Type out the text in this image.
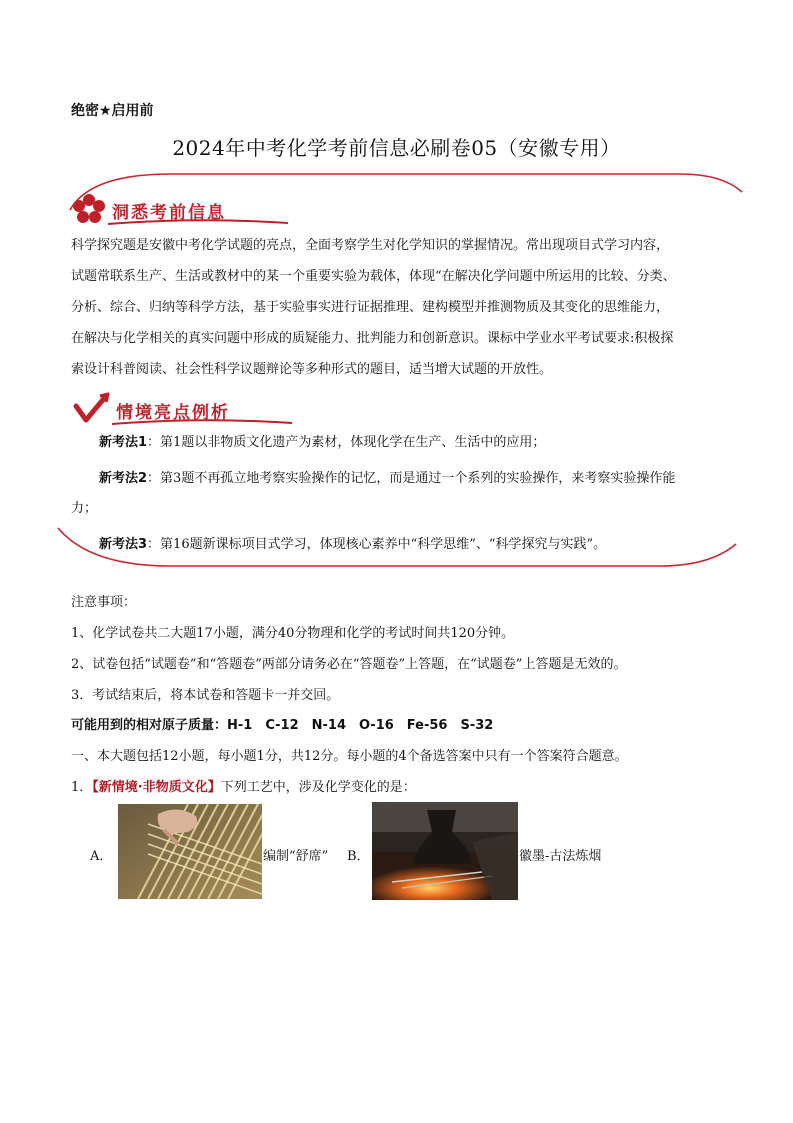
绝密★启用前
2024年中考化学考前信息必刷卷05（安徽专用）
洞悉考前信息
科学探究题是安徽中考化学试题的亮点，全面考察学生对化学知识的掌握情况。常出现项目式学习内容，
试题常联系生产、生活或教材中的某一个重要实验为载体，体现“在解决化学问题中所运用的比较、分类、
分析、综合、归纳等科学方法，基于实验事实进行证据推理、建构模型并推测物质及其变化的思维能力，
在解决与化学相关的真实问题中形成的质疑能力、批判能力和创新意识。课标中学业水平考试要求:积极探
索设计科普阅读、社会性科学议题辩论等多种形式的题目，适当增大试题的开放性。
情境亮点例析
新考法1：第1题以非物质文化遗产为素材，体现化学在生产、生活中的应用；
新考法2：第3题不再孤立地考察实验操作的记忆，而是通过一个系列的实验操作，来考察实验操作能
力；
新考法3：第16题新课标项目式学习，体现核心素养中“科学思维”、“科学探究与实践”。
注意事项：
1、化学试卷共二大题17小题，满分40分物理和化学的考试时间共120分钟。
2、试卷包括“试题卷”和“答题卷”两部分请务必在“答题卷”上答题，在“试题卷”上答题是无效的。
3．考试结束后，将本试卷和答题卡一并交回。
可能用到的相对原子质量：H-1　C-12　N-14　O-16　Fe-56　S-32
一、本大题包括12小题，每小题1分，共12分。每小题的4个备选答案中只有一个答案符合题意。
1．【新情境·非物质文化】下列工艺中，涉及化学变化的是：
A．	编制“舒席” B．	徽墨-古法炼烟
